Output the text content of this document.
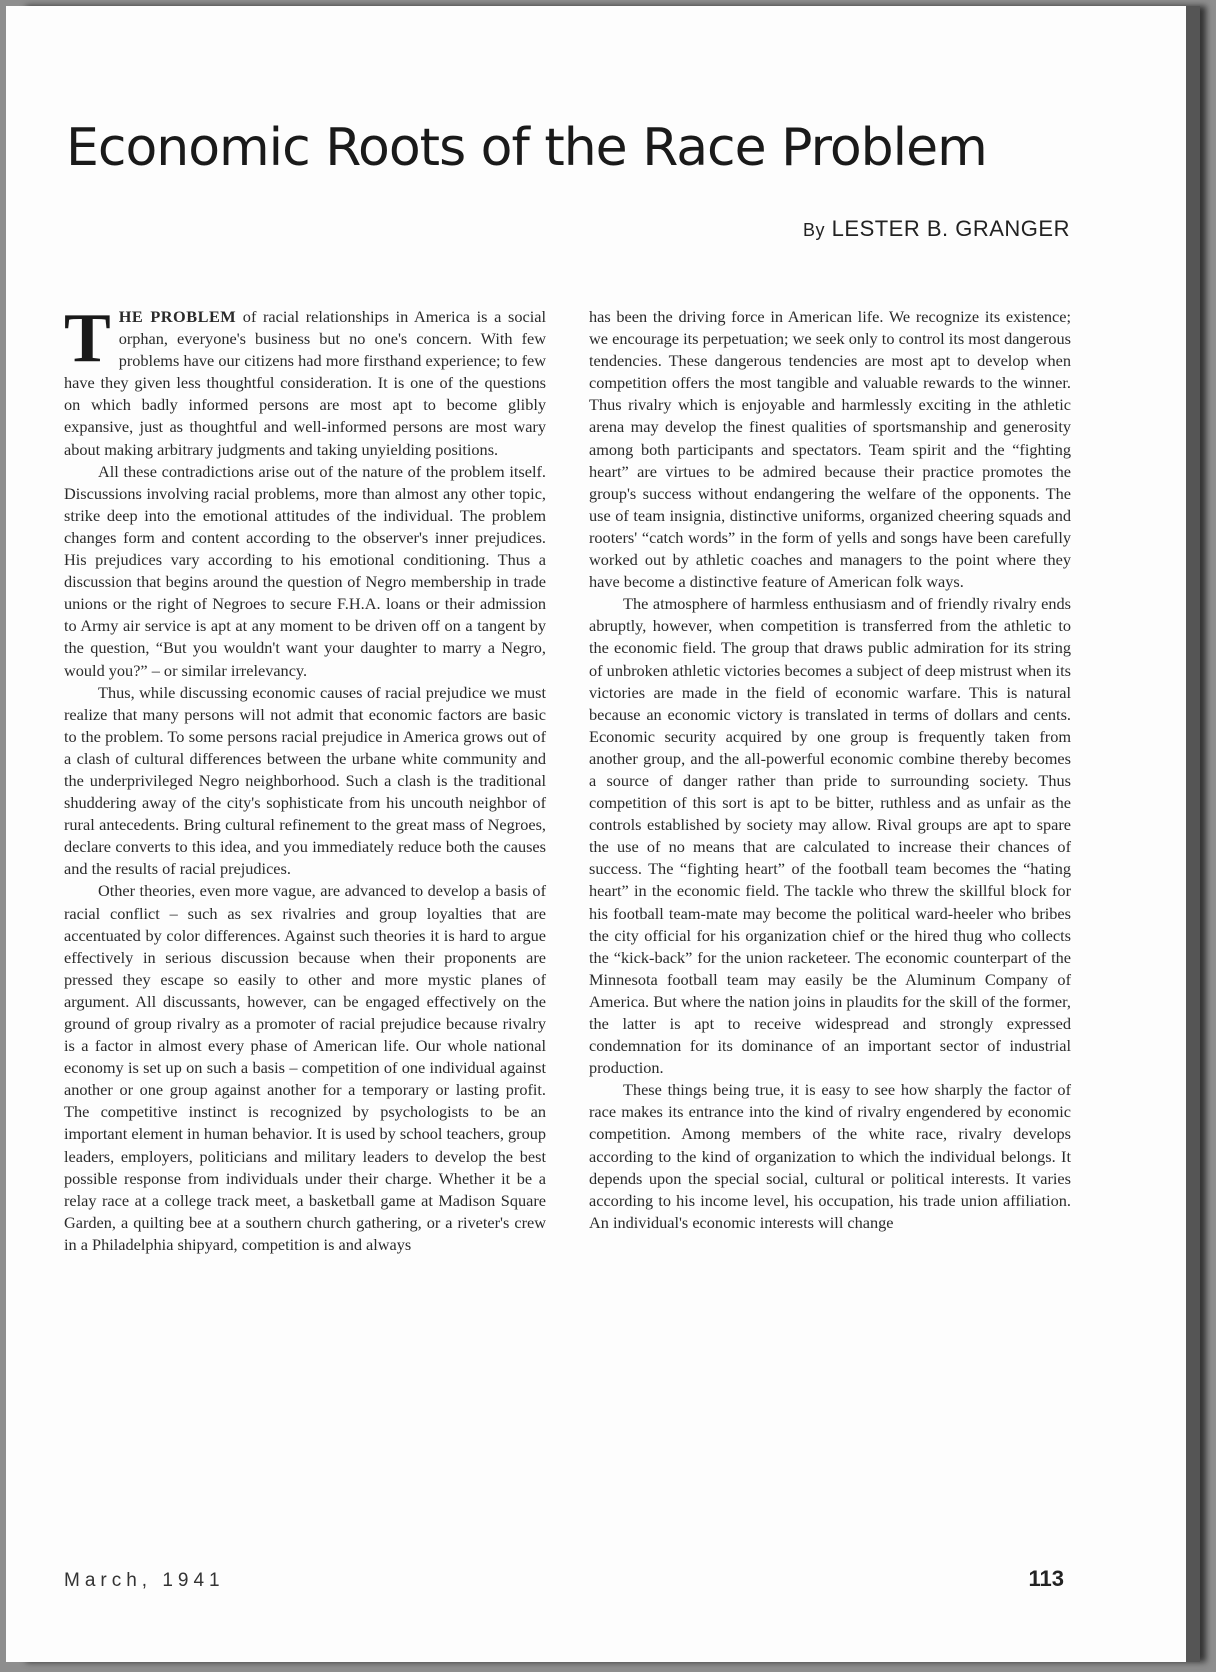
Economic Roots of the Race Problem
By LESTER B. GRANGER

THE PROBLEM of racial relationships in America is a social orphan, everyone's business but no one's concern. With few problems have our citizens had more firsthand experience; to few have they given less thoughtful consideration. It is one of the questions on which badly informed persons are most apt to become glibly expansive, just as thoughtful and well-informed persons are most wary about making arbitrary judgments and taking unyielding positions.

All these contradictions arise out of the nature of the problem itself. Discussions involving racial problems, more than almost any other topic, strike deep into the emotional attitudes of the individual. The problem changes form and content according to the observer's inner prejudices. His prejudices vary according to his emotional conditioning. Thus a discussion that begins around the question of Negro membership in trade unions or the right of Negroes to secure F.H.A. loans or their admission to Army air service is apt at any moment to be driven off on a tangent by the question, “But you wouldn't want your daughter to marry a Negro, would you?” – or similar irrelevancy.

Thus, while discussing economic causes of racial prejudice we must realize that many persons will not admit that economic factors are basic to the problem. To some persons racial prejudice in America grows out of a clash of cultural differences between the urbane white community and the underprivileged Negro neighborhood. Such a clash is the traditional shuddering away of the city's sophisticate from his uncouth neighbor of rural antecedents. Bring cultural refinement to the great mass of Negroes, declare converts to this idea, and you immediately reduce both the causes and the results of racial prejudices.

Other theories, even more vague, are advanced to develop a basis of racial conflict – such as sex rivalries and group loyalties that are accentuated by color differences. Against such theories it is hard to argue effectively in serious discussion because when their proponents are pressed they escape so easily to other and more mystic planes of argument. All discussants, however, can be engaged effectively on the ground of group rivalry as a promoter of racial prejudice because rivalry is a factor in almost every phase of American life. Our whole national economy is set up on such a basis – competition of one individual against another or one group against another for a temporary or lasting profit. The competitive instinct is recognized by psychologists to be an important element in human behavior. It is used by school teachers, group leaders, employers, politicians and military leaders to develop the best possible response from individuals under their charge. Whether it be a relay race at a college track meet, a basketball game at Madison Square Garden, a quilting bee at a southern church gathering, or a riveter's crew in a Philadelphia shipyard, competition is and always

has been the driving force in American life. We recognize its existence; we encourage its perpetuation; we seek only to control its most dangerous tendencies. These dangerous tendencies are most apt to develop when competition offers the most tangible and valuable rewards to the winner. Thus rivalry which is enjoyable and harmlessly exciting in the athletic arena may develop the finest qualities of sportsmanship and generosity among both participants and spectators. Team spirit and the “fighting heart” are virtues to be admired because their practice promotes the group's success without endangering the welfare of the opponents. The use of team insignia, distinctive uniforms, organized cheering squads and rooters' “catch words” in the form of yells and songs have been carefully worked out by athletic coaches and managers to the point where they have become a distinctive feature of American folk ways.

The atmosphere of harmless enthusiasm and of friendly rivalry ends abruptly, however, when competition is transferred from the athletic to the economic field. The group that draws public admiration for its string of unbroken athletic victories becomes a subject of deep mistrust when its victories are made in the field of economic warfare. This is natural because an economic victory is translated in terms of dollars and cents. Economic security acquired by one group is frequently taken from another group, and the all-powerful economic combine thereby becomes a source of danger rather than pride to surrounding society. Thus competition of this sort is apt to be bitter, ruthless and as unfair as the controls established by society may allow. Rival groups are apt to spare the use of no means that are calculated to increase their chances of success. The “fighting heart” of the football team becomes the “hating heart” in the economic field. The tackle who threw the skillful block for his football team-mate may become the political ward-heeler who bribes the city official for his organization chief or the hired thug who collects the “kick-back” for the union racketeer. The economic counterpart of the Minnesota football team may easily be the Aluminum Company of America. But where the nation joins in plaudits for the skill of the former, the latter is apt to receive widespread and strongly expressed condemnation for its dominance of an important sector of industrial production.

These things being true, it is easy to see how sharply the factor of race makes its entrance into the kind of rivalry engendered by economic competition. Among members of the white race, rivalry develops according to the kind of organization to which the individual belongs. It depends upon the special social, cultural or political interests. It varies according to his income level, his occupation, his trade union affiliation. An individual's economic interests will change

March, 1941	113
